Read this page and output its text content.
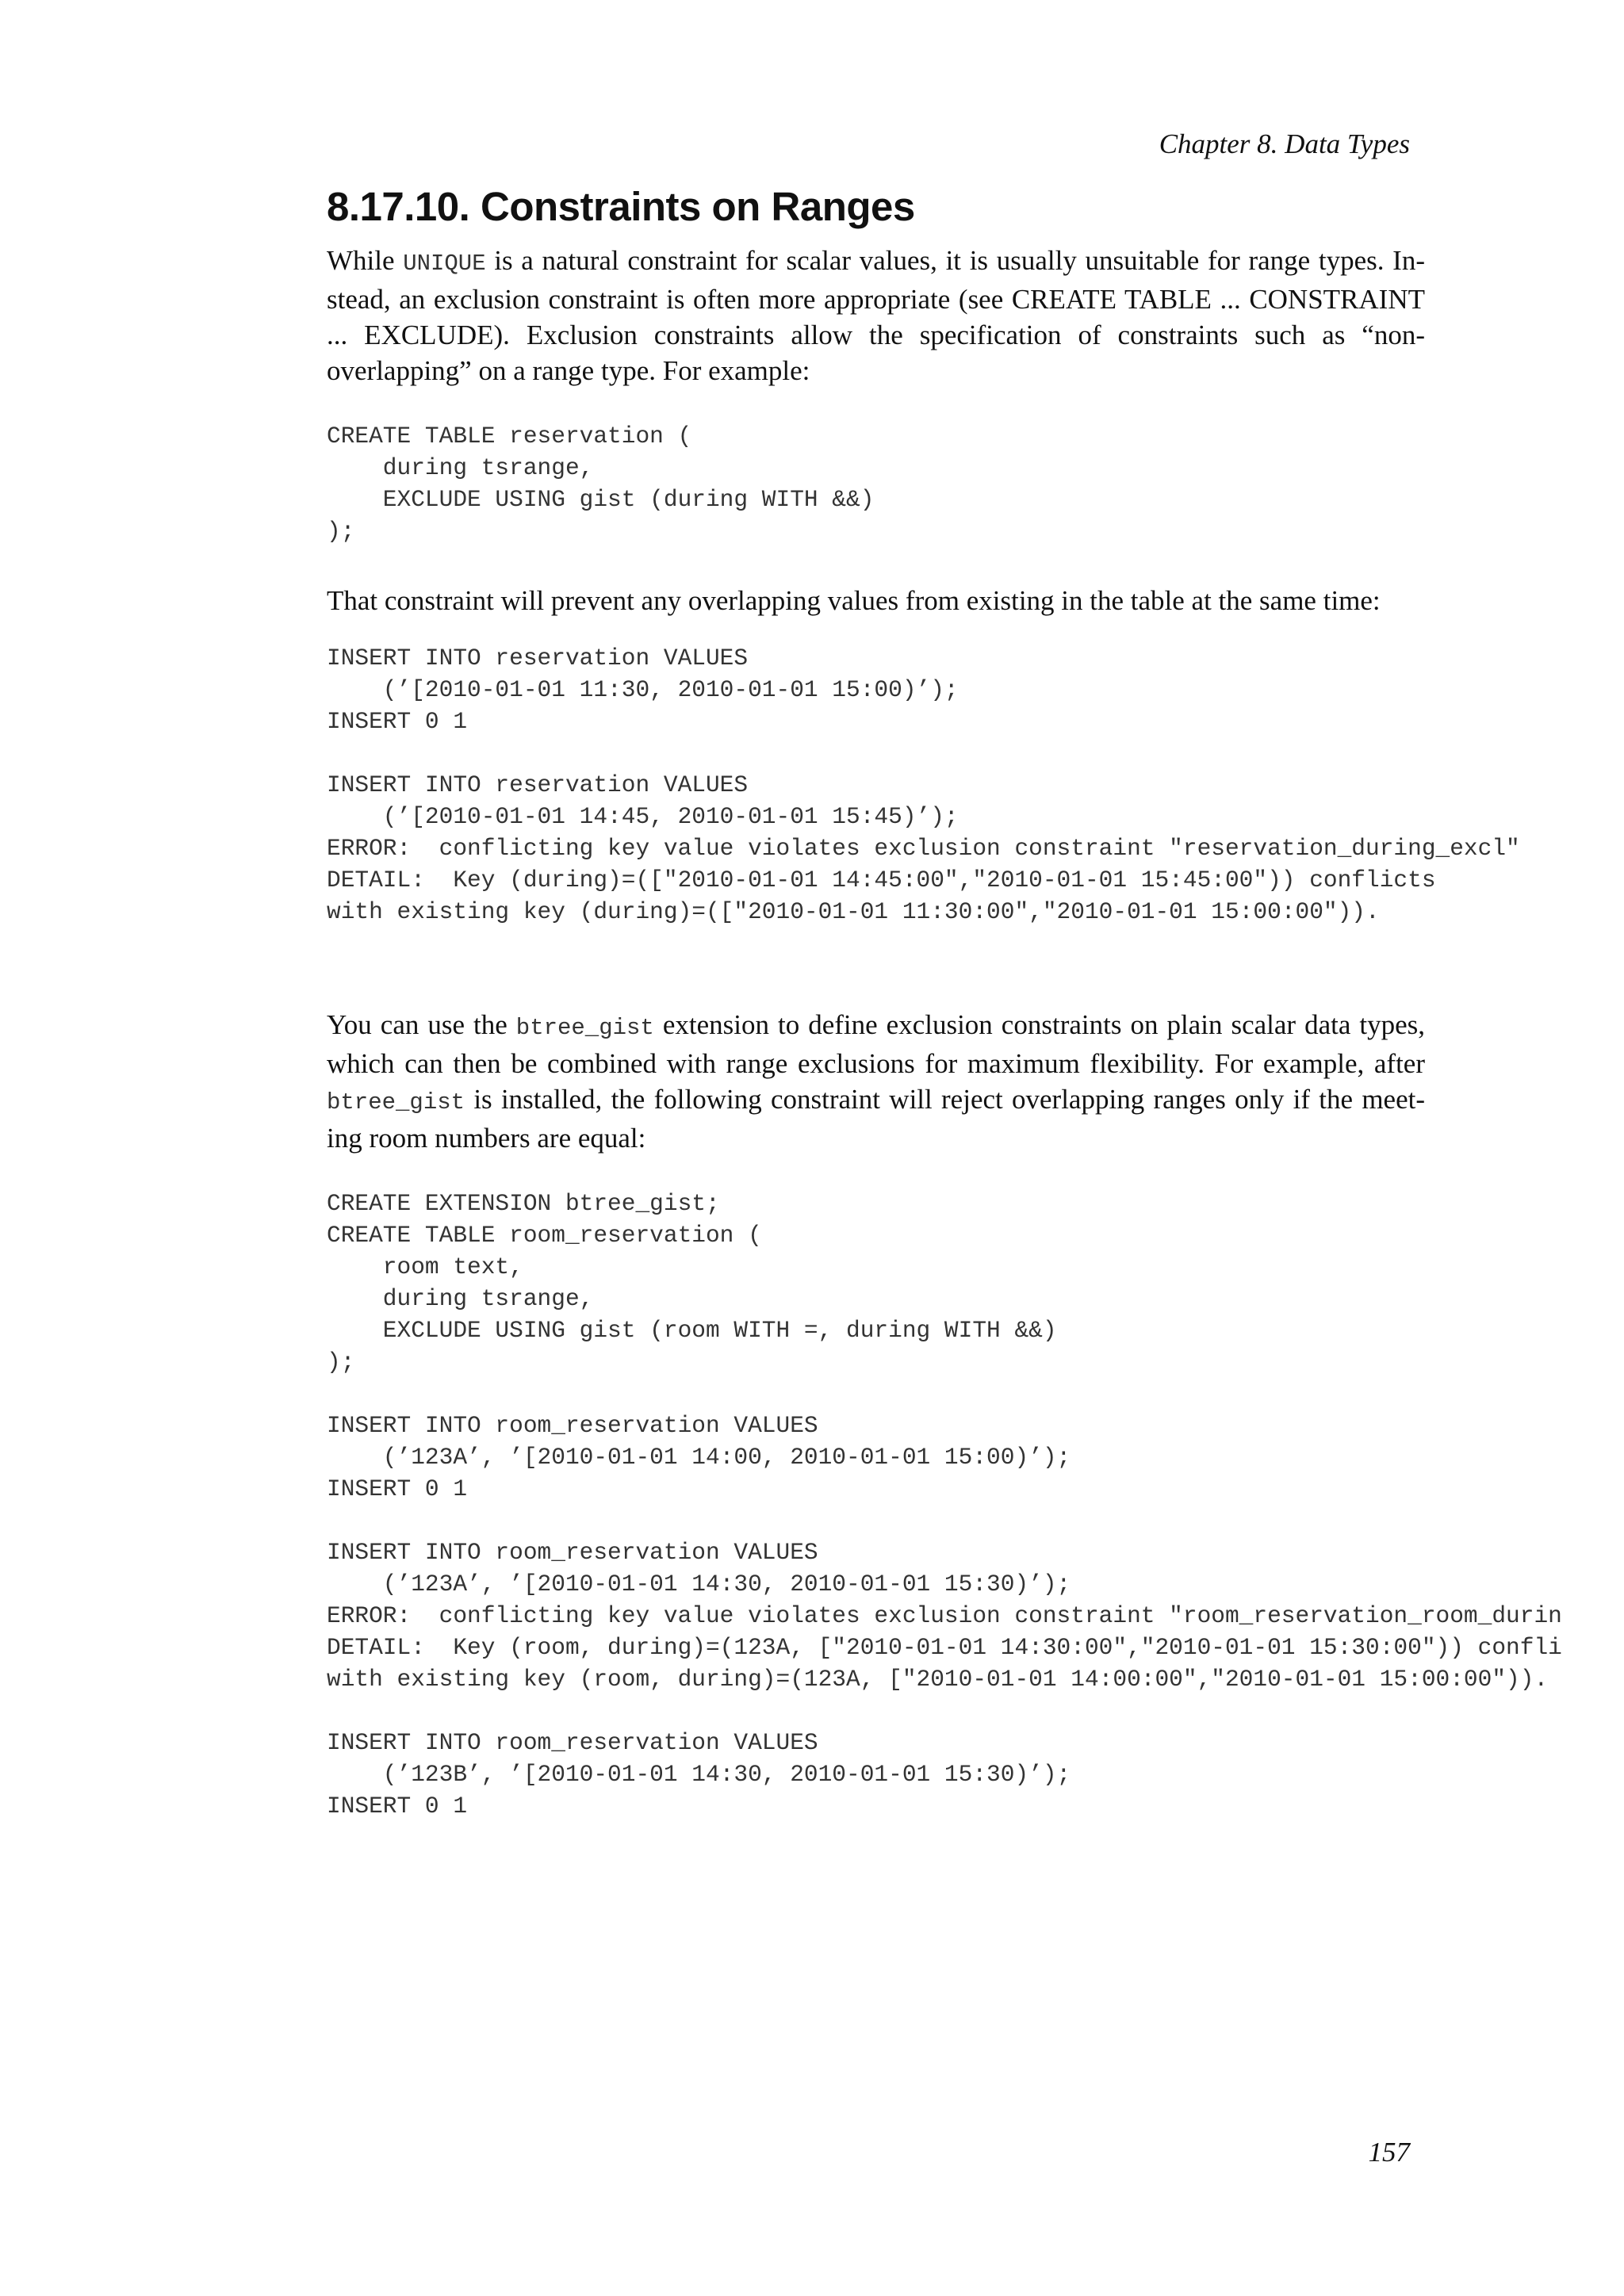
Chapter 8. Data Types
8.17.10. Constraints on Ranges

While UNIQUE is a natural constraint for scalar values, it is usually unsuitable for range types. Instead, an exclusion constraint is often more appropriate (see CREATE TABLE ... CONSTRAINT ... EXCLUDE). Exclusion constraints allow the specification of constraints such as “non-overlapping” on a range type. For example:

CREATE TABLE reservation (
during tsrange,
EXCLUDE USING gist (during WITH &&)
);

That constraint will prevent any overlapping values from existing in the table at the same time:

INSERT INTO reservation VALUES
(’[2010-01-01 11:30, 2010-01-01 15:00)’);
INSERT 0 1

INSERT INTO reservation VALUES
(’[2010-01-01 14:45, 2010-01-01 15:45)’);
ERROR:  conflicting key value violates exclusion constraint "reservation_during_excl"
DETAIL:  Key (during)=(["2010-01-01 14:45:00","2010-01-01 15:45:00")) conflicts
with existing key (during)=(["2010-01-01 11:30:00","2010-01-01 15:00:00")).

You can use the btree_gist extension to define exclusion constraints on plain scalar data types, which can then be combined with range exclusions for maximum flexibility. For example, after btree_gist is installed, the following constraint will reject overlapping ranges only if the meeting room numbers are equal:

CREATE EXTENSION btree_gist;
CREATE TABLE room_reservation (
room text,
during tsrange,
EXCLUDE USING gist (room WITH =, during WITH &&)
);

INSERT INTO room_reservation VALUES
(’123A’, ’[2010-01-01 14:00, 2010-01-01 15:00)’);
INSERT 0 1

INSERT INTO room_reservation VALUES
(’123A’, ’[2010-01-01 14:30, 2010-01-01 15:30)’);
ERROR:  conflicting key value violates exclusion constraint "room_reservation_room_durin
DETAIL:  Key (room, during)=(123A, ["2010-01-01 14:30:00","2010-01-01 15:30:00")) confli
with existing key (room, during)=(123A, ["2010-01-01 14:00:00","2010-01-01 15:00:00")).

INSERT INTO room_reservation VALUES
(’123B’, ’[2010-01-01 14:30, 2010-01-01 15:30)’);
INSERT 0 1
157
